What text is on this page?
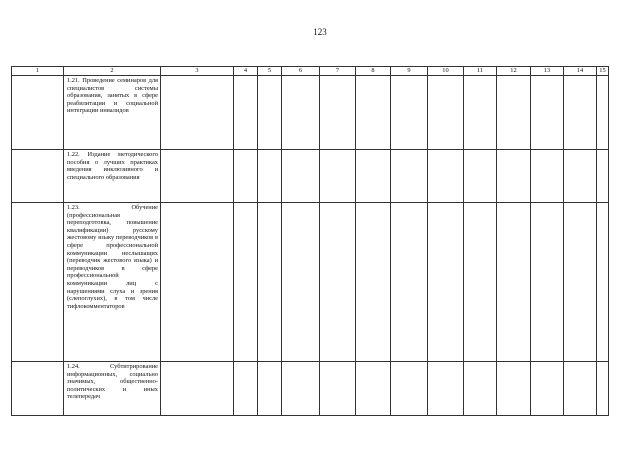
123
1	2	3	4	5	6	7	8	9	10	11	12	13	14	15

	1.21. Проведение семинаров для специалистов системы образования, занятых в сфере реабилитации и социальной интеграции инвалидов													

	1.22. Издание методического пособия о лучших практиках введения инклюзивного и специального образования													

	1.23. Обучение (профессиональная переподготовка, повышение квалификации) русскому жестовому языку переводчиков в сфере профессиональной коммуникации неслышащих (переводчик жестового языка) и переводчиков в сфере профессиональной коммуникации лиц с нарушениями слуха и зрения (слепоглухих), в том числе тифлокомментаторов													

	1.24. Субтитрирование информационных, социально значимых, общественно-политических и иных телепередач													
